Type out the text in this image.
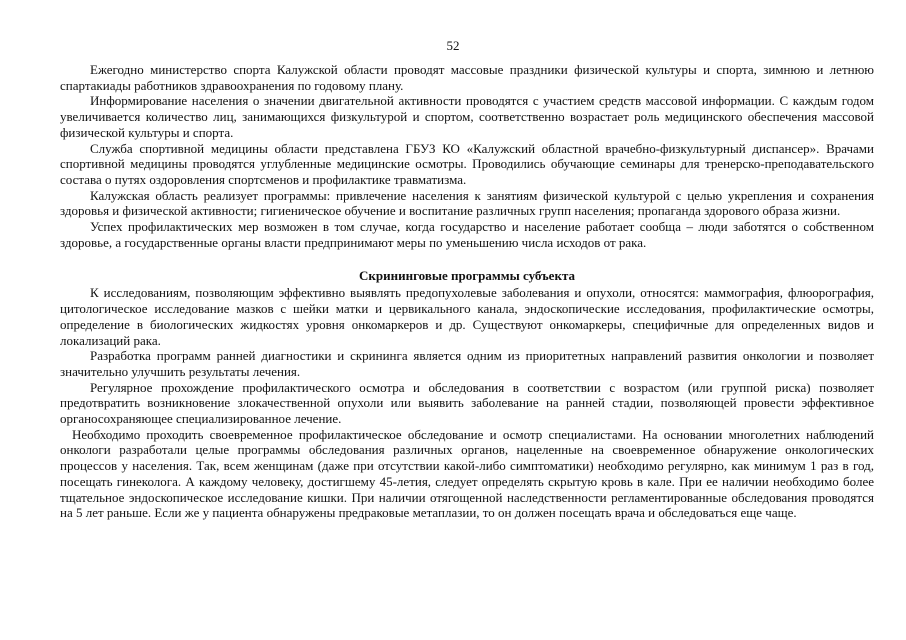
52

Ежегодно министерство спорта Калужской области проводят массовые праздники физической культуры и спорта, зимнюю и летнюю спартакиады работников здравоохранения по годовому плану.

Информирование населения о значении двигательной активности проводятся с участием средств массовой информации. С каждым годом увеличивается количество лиц, занимающихся физкультурой и спортом, соответственно возрастает роль медицинского обеспечения массовой физической культуры и спорта.

Служба спортивной медицины области представлена ГБУЗ КО «Калужский областной врачебно-физкультурный диспансер». Врачами спортивной медицины проводятся углубленные медицинские осмотры. Проводились обучающие семинары для тренерско-преподавательского состава о путях оздоровления спортсменов и профилактике травматизма.

Калужская область реализует программы: привлечение населения к занятиям физической культурой с целью укрепления и сохранения здоровья и физической активности; гигиеническое обучение и воспитание различных групп населения; пропаганда здорового образа жизни.

Успех профилактических мер возможен в том случае, когда государство и население работает сообща – люди заботятся о собственном здоровье, а государственные органы власти предпринимают меры по уменьшению числа исходов от рака.

Скрининговые программы субъекта

К исследованиям, позволяющим эффективно выявлять предопухолевые заболевания и опухоли, относятся: маммография, флюорография, цитологическое исследование мазков с шейки матки и цервикального канала, эндоскопические исследования, профилактические осмотры, определение в биологических жидкостях уровня онкомаркеров и др. Существуют онкомаркеры, специфичные для определенных видов и локализаций рака.

Разработка программ ранней диагностики и скрининга является одним из приоритетных направлений развития онкологии и позволяет значительно улучшить результаты лечения.

Регулярное прохождение профилактического осмотра и обследования в соответствии с возрастом (или группой риска) позволяет предотвратить возникновение злокачественной опухоли или выявить заболевание на ранней стадии, позволяющей провести эффективное органосохраняющее специализированное лечение.

Необходимо проходить своевременное профилактическое обследование и осмотр специалистами. На основании многолетних наблюдений онкологи разработали целые программы обследования различных органов, нацеленные на своевременное обнаружение онкологических процессов у населения. Так, всем женщинам (даже при отсутствии какой-либо симптоматики) необходимо регулярно, как минимум 1 раз в год, посещать гинеколога. А каждому человеку, достигшему 45-летия, следует определять скрытую кровь в кале. При ее наличии необходимо более тщательное эндоскопическое исследование кишки. При наличии отягощенной наследственности регламентированные обследования проводятся на 5 лет раньше. Если же у пациента обнаружены предраковые метаплазии, то он должен посещать врача и обследоваться еще чаще.
